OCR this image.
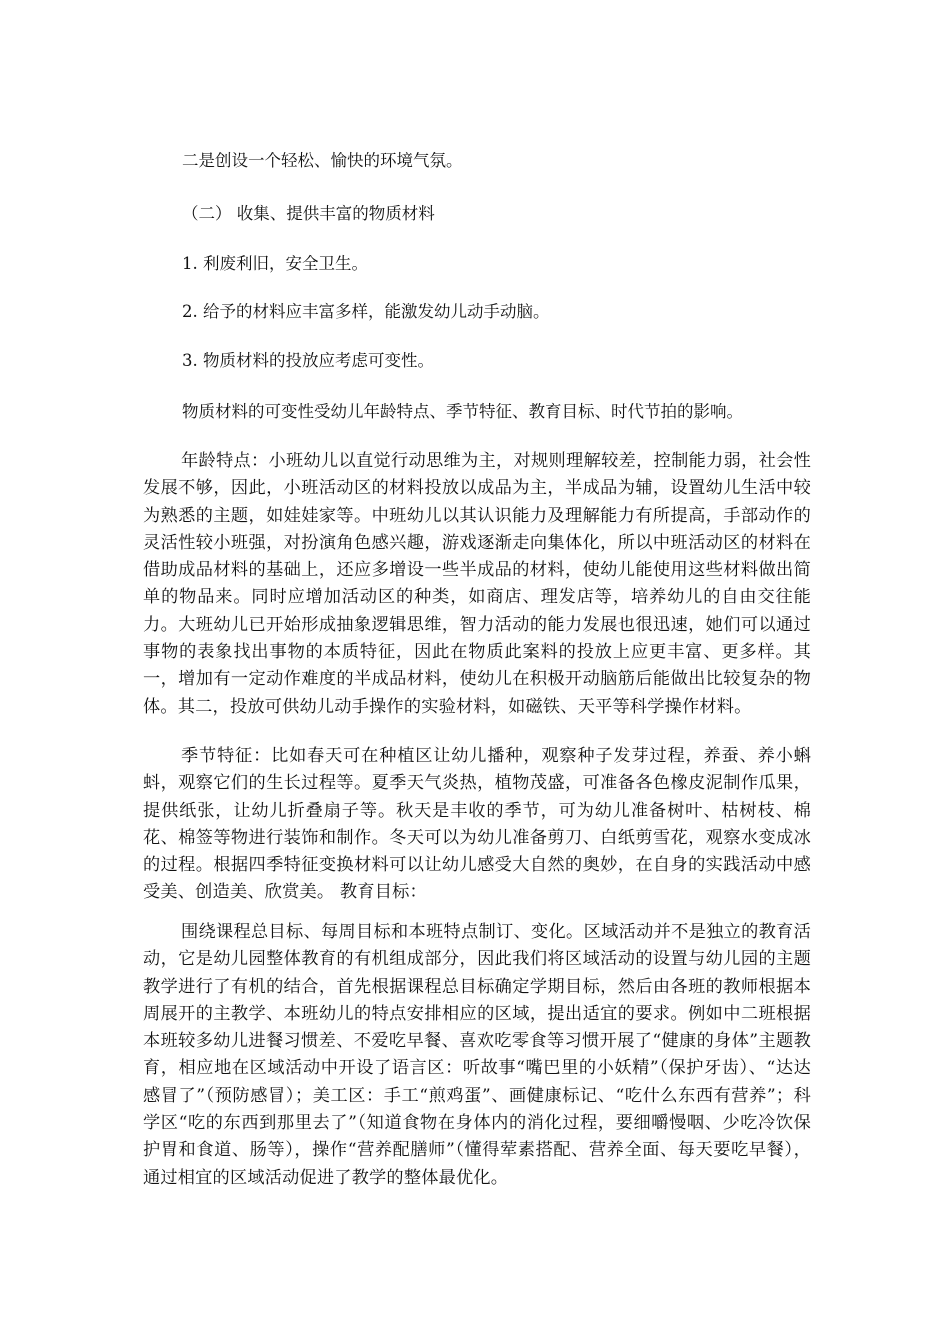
二是创设一个轻松、愉快的环境气氛。
（二） 收集、提供丰富的物质材料
1. 利废利旧，安全卫生。
2. 给予的材料应丰富多样，能激发幼儿动手动脑。
3. 物质材料的投放应考虑可变性。
物质材料的可变性受幼儿年龄特点、季节特征、教育目标、时代节拍的影响。
年龄特点：小班幼儿以直觉行动思维为主，对规则理解较差，控制能力弱，社会性发展不够，因此，小班活动区的材料投放以成品为主，半成品为辅，设置幼儿生活中较为熟悉的主题，如娃娃家等。中班幼儿以其认识能力及理解能力有所提高，手部动作的灵活性较小班强，对扮演角色感兴趣，游戏逐渐走向集体化，所以中班活动区的材料在借助成品材料的基础上，还应多增设一些半成品的材料，使幼儿能使用这些材料做出简单的物品来。同时应增加活动区的种类，如商店、理发店等，培养幼儿的自由交往能力。大班幼儿已开始形成抽象逻辑思维，智力活动的能力发展也很迅速，她们可以通过事物的表象找出事物的本质特征，因此在物质此案料的投放上应更丰富、更多样。其一，增加有一定动作难度的半成品材料，使幼儿在积极开动脑筋后能做出比较复杂的物体。其二，投放可供幼儿动手操作的实验材料，如磁铁、天平等科学操作材料。
季节特征：比如春天可在种植区让幼儿播种，观察种子发芽过程，养蚕、养小蝌蚪，观察它们的生长过程等。夏季天气炎热，植物茂盛，可准备各色橡皮泥制作瓜果，提供纸张，让幼儿折叠扇子等。秋天是丰收的季节，可为幼儿准备树叶、枯树枝、棉花、棉签等物进行装饰和制作。冬天可以为幼儿准备剪刀、白纸剪雪花，观察水变成冰的过程。根据四季特征变换材料可以让幼儿感受大自然的奥妙，在自身的实践活动中感受美、创造美、欣赏美。 教育目标：
围绕课程总目标、每周目标和本班特点制订、变化。区域活动并不是独立的教育活动，它是幼儿园整体教育的有机组成部分，因此我们将区域活动的设置与幼儿园的主题教学进行了有机的结合，首先根据课程总目标确定学期目标，然后由各班的教师根据本周展开的主教学、本班幼儿的特点安排相应的区域，提出适宜的要求。例如中二班根据本班较多幼儿进餐习惯差、不爱吃早餐、喜欢吃零食等习惯开展了“健康的身体”主题教育，相应地在区域活动中开设了语言区：听故事“嘴巴里的小妖精”（保护牙齿）、“达达感冒了”（预防感冒）；美工区：手工“煎鸡蛋”、画健康标记、“吃什么东西有营养”；科学区“吃的东西到那里去了”（知道食物在身体内的消化过程，要细嚼慢咽、少吃冷饮保护胃和食道、肠等），操作“营养配膳师”（懂得荤素搭配、营养全面、每天要吃早餐），通过相宜的区域活动促进了教学的整体最优化。
